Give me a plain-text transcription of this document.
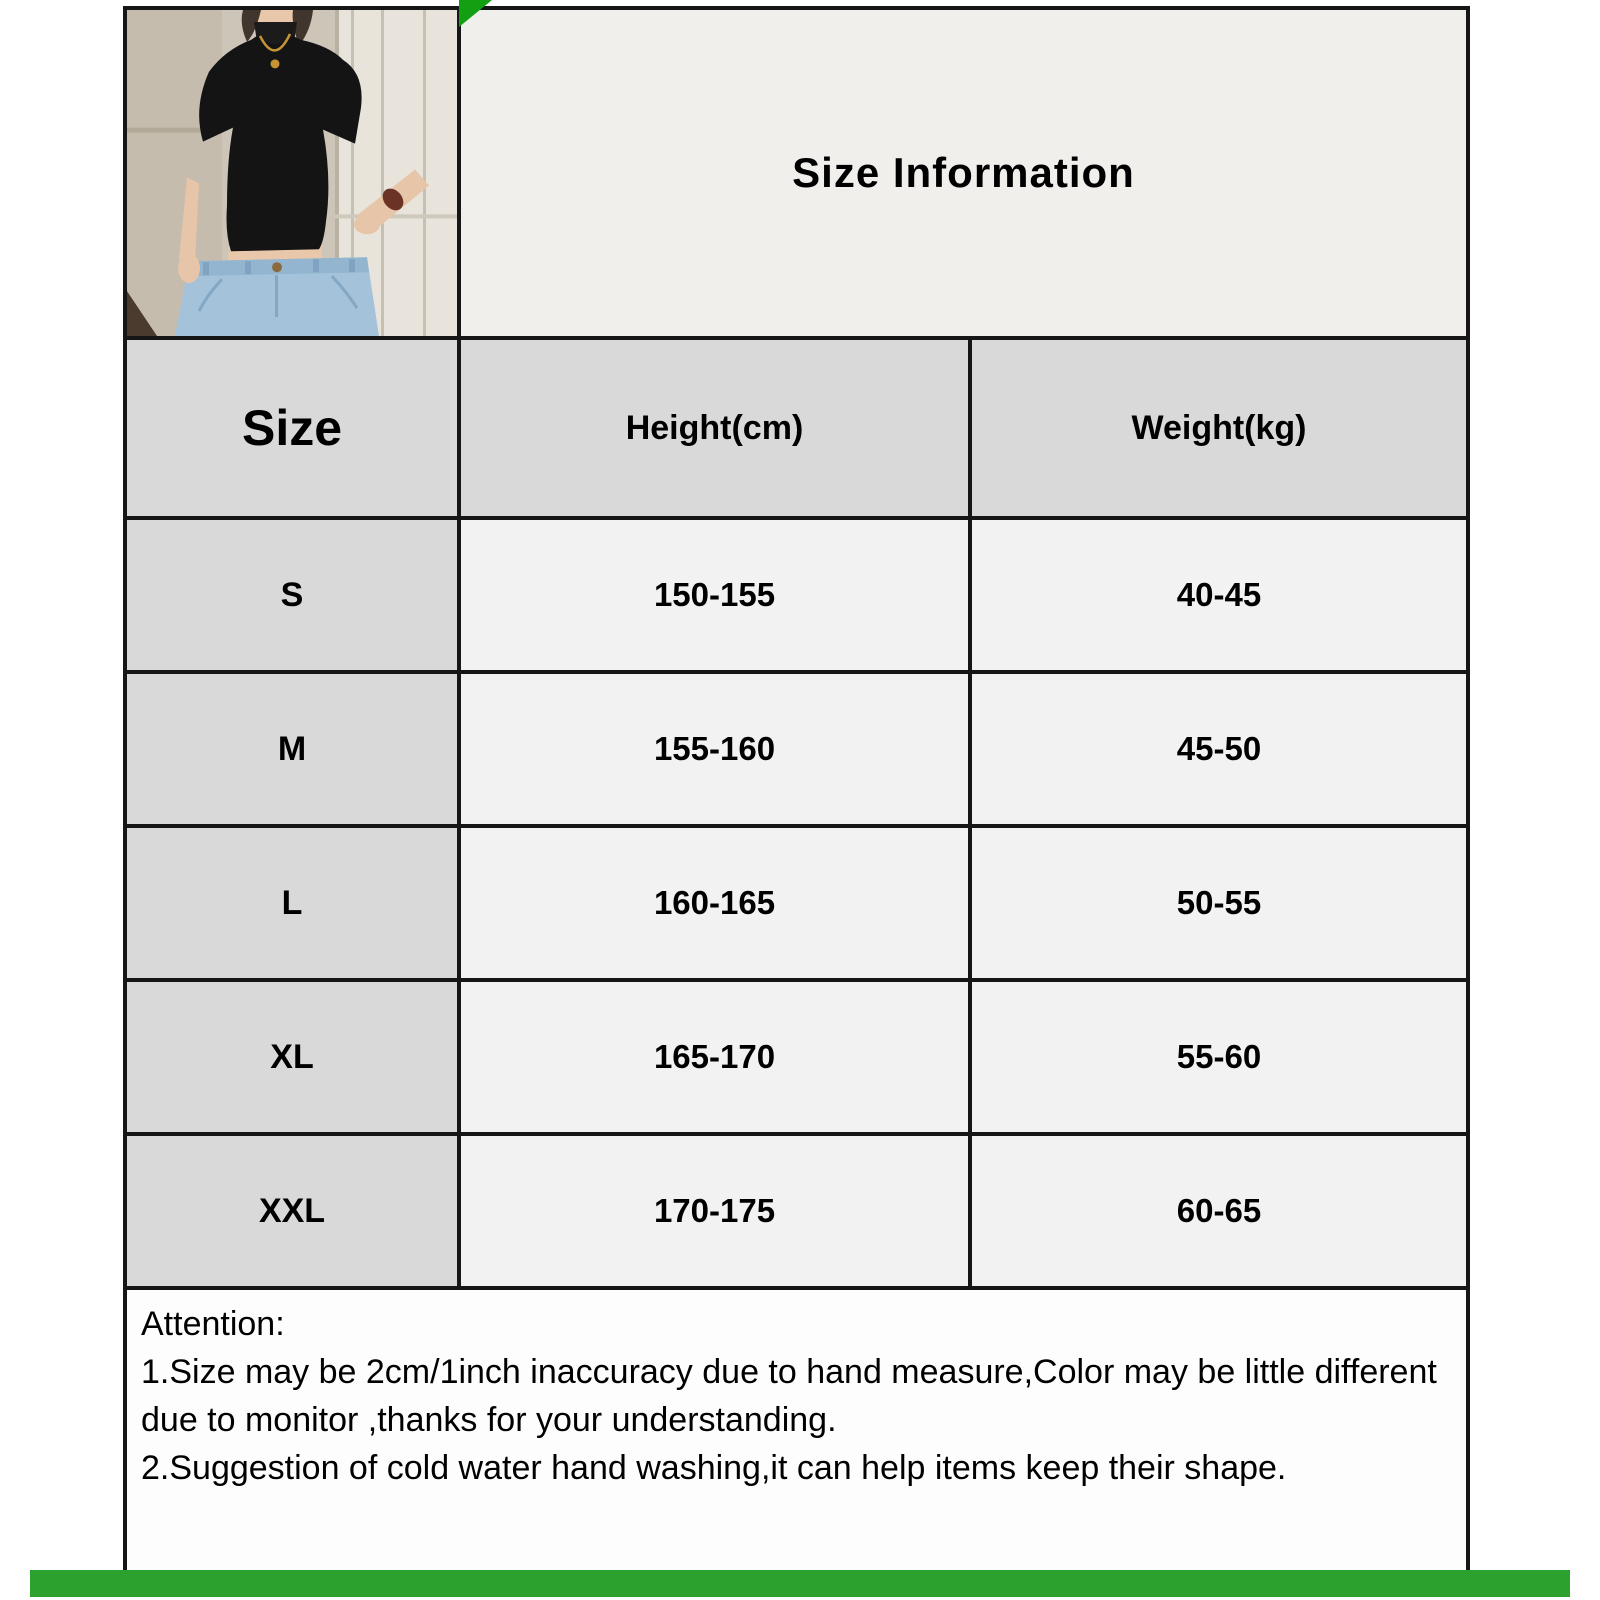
Size Information
Size	Height(cm)	Weight(kg)
S	150-155	40-45
M	155-160	45-50
L	160-165	50-55
XL	165-170	55-60
XXL	170-175	60-65
Attention:
1.Size may be 2cm/1inch inaccuracy due to hand measure,Color may be little different due to monitor ,thanks for your understanding.
2.Suggestion of cold water hand washing,it can help items keep their shape.
